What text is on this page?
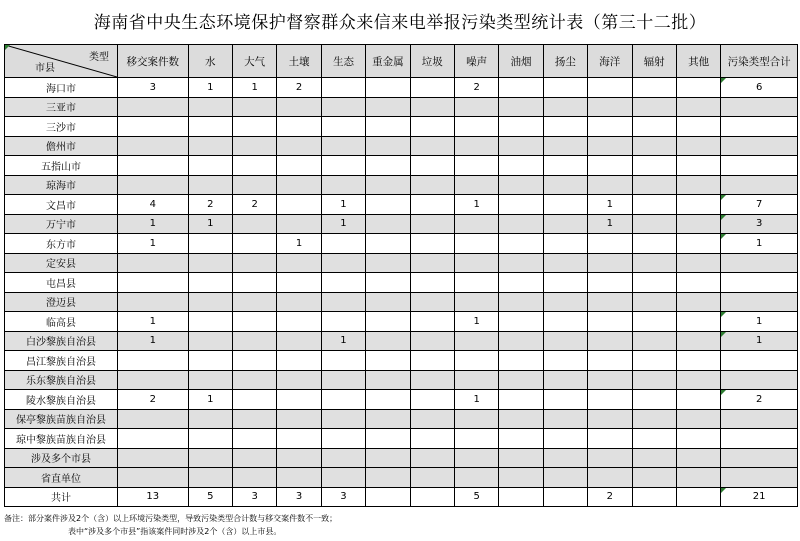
海南省中央生态环境保护督察群众来信来电举报污染类型统计表（第三十二批）
类型
市县	移交案件数	水	大气	土壤	生态	重金属	垃圾	噪声	油烟	扬尘	海洋	辐射	其他	污染类型合计
海口市	3	1	1	2				2						6

三亚市														
三沙市														
儋州市														
五指山市														
琼海市														
文昌市	4	2	2		1			1			1			7

万宁市	1	1			1						1			3

东方市	1			1										1

定安县														
屯昌县														
澄迈县														
临高县	1							1						1

白沙黎族自治县	1				1									1

昌江黎族自治县														
乐东黎族自治县														
陵水黎族自治县	2	1						1						2

保亭黎族苗族自治县														
琼中黎族苗族自治县														
涉及多个市县														
省直单位														
共计	13	5	3	3	3			5			2			21
备注：部分案件涉及2个（含）以上环境污染类型，导致污染类型合计数与移交案件数不一致；
表中“涉及多个市县”指该案件同时涉及2个（含）以上市县。
